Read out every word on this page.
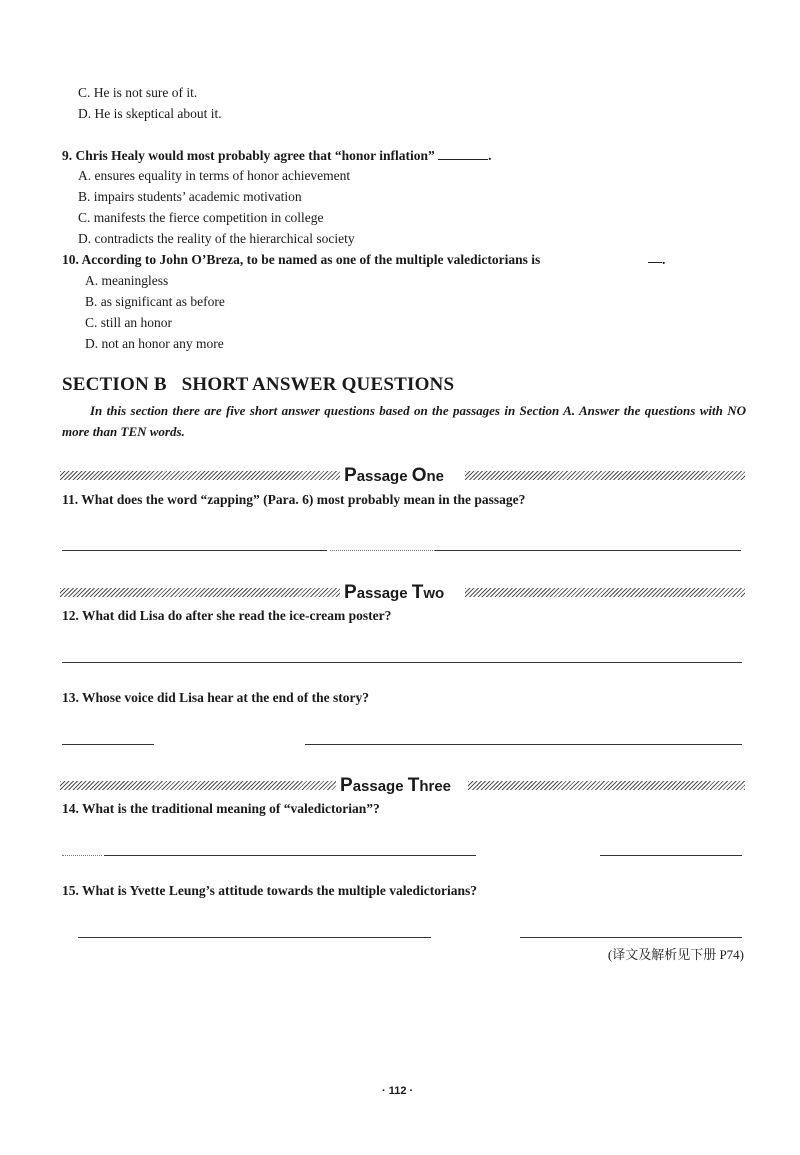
C. He is not sure of it.
D. He is skeptical about it.
9. Chris Healy would most probably agree that “honor inflation”	.
A. ensures equality in terms of honor achievement
B. impairs students’ academic motivation
C. manifests the fierce competition in college
D. contradicts the reality of the hierarchical society
10. According to John O’Breza, to be named as one of the multiple valedictorians is	.
A. meaningless
B. as significant as before
C. still an honor
D. not an honor any more
SECTION B   SHORT ANSWER QUESTIONS
In this section there are five short answer questions based on the passages in Section A. Answer the questions with NO more than TEN words.
Passage One
11. What does the word “zapping” (Para. 6) most probably mean in the passage?
Passage Two
12. What did Lisa do after she read the ice-cream poster?
13. Whose voice did Lisa hear at the end of the story?
Passage Three
14. What is the traditional meaning of “valedictorian”?
15. What is Yvette Leung’s attitude towards the multiple valedictorians?
(译文及解析见下册 P74)
· 112 ·
